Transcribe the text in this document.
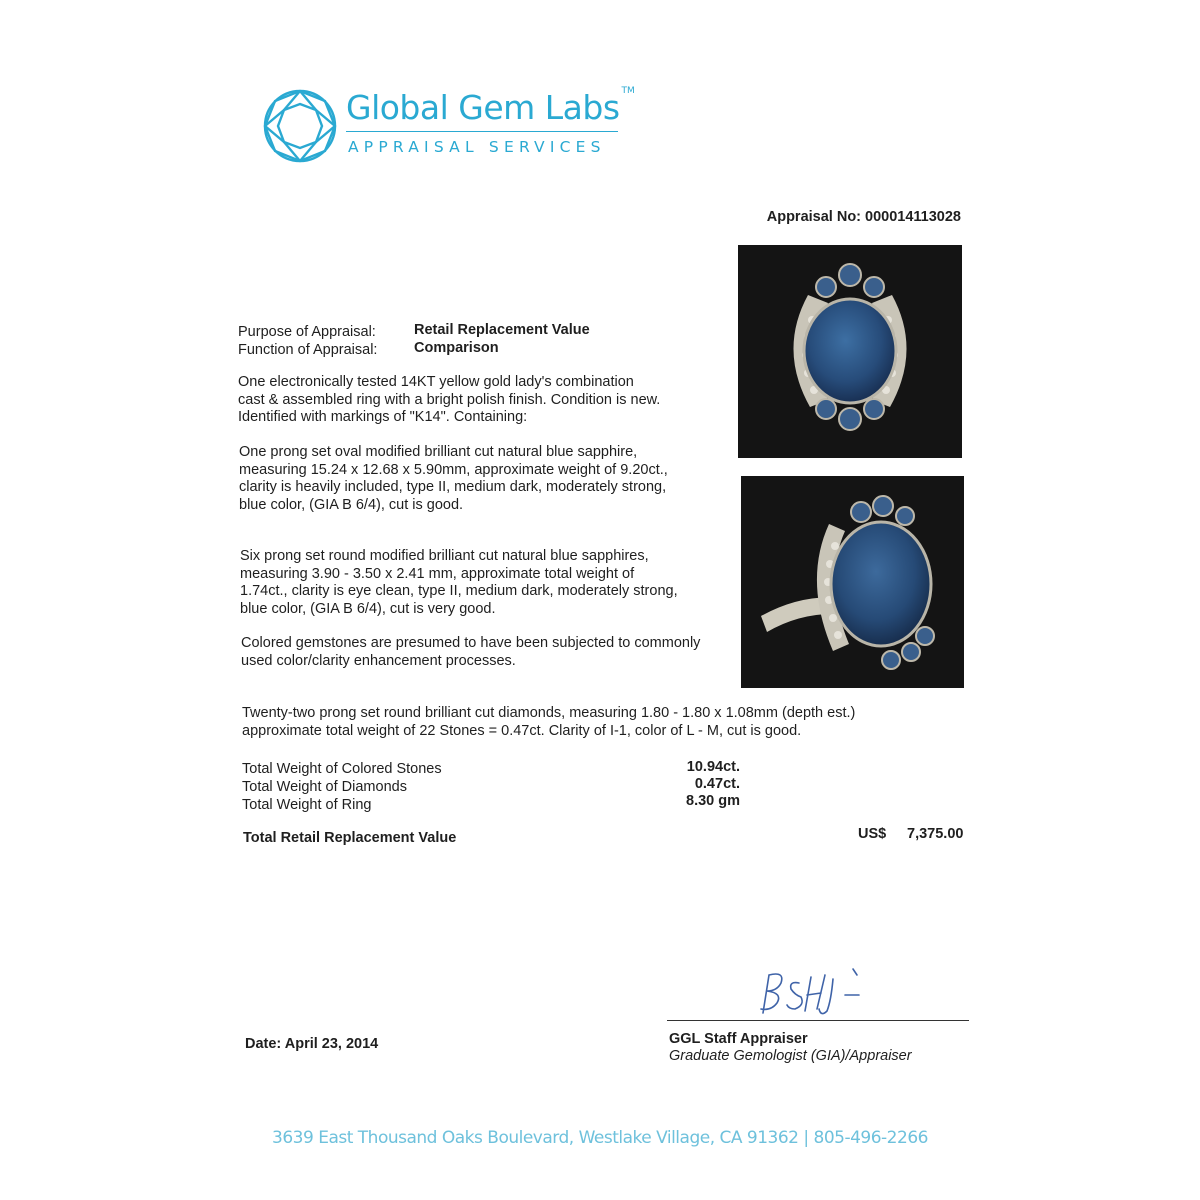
Global Gem Labs ™
APPRAISAL SERVICES
Appraisal No: 000014113028
Purpose of Appraisal:	Retail Replacement Value
Function of Appraisal:	Comparison
One electronically tested 14KT yellow gold lady's combination
cast & assembled ring with a bright polish finish. Condition is new.
Identified with markings of "K14". Containing:
One prong set oval modified brilliant cut natural blue sapphire,
measuring 15.24 x 12.68 x 5.90mm, approximate weight of 9.20ct.,
clarity is heavily included, type II, medium dark, moderately strong,
blue color, (GIA B 6/4), cut is good.
Six prong set round modified brilliant cut natural blue sapphires,
measuring 3.90 - 3.50 x 2.41 mm, approximate total weight of
1.74ct., clarity is eye clean, type II, medium dark, moderately strong,
blue color, (GIA B 6/4), cut is very good.
Colored gemstones are presumed to have been subjected to commonly
used color/clarity enhancement processes.
Twenty-two prong set round brilliant cut diamonds, measuring 1.80 - 1.80 x 1.08mm (depth est.)
approximate total weight of 22 Stones = 0.47ct. Clarity of I-1, color of L - M, cut is good.
Total Weight of Colored Stones	10.94ct.
Total Weight of Diamonds	0.47ct.
Total Weight of Ring	8.30 gm
Total Retail Replacement Value	US$ 7,375.00
Date: April 23, 2014	GGL Staff Appraiser
Graduate Gemologist (GIA)/Appraiser
3639 East Thousand Oaks Boulevard, Westlake Village, CA 91362 | 805-496-2266
